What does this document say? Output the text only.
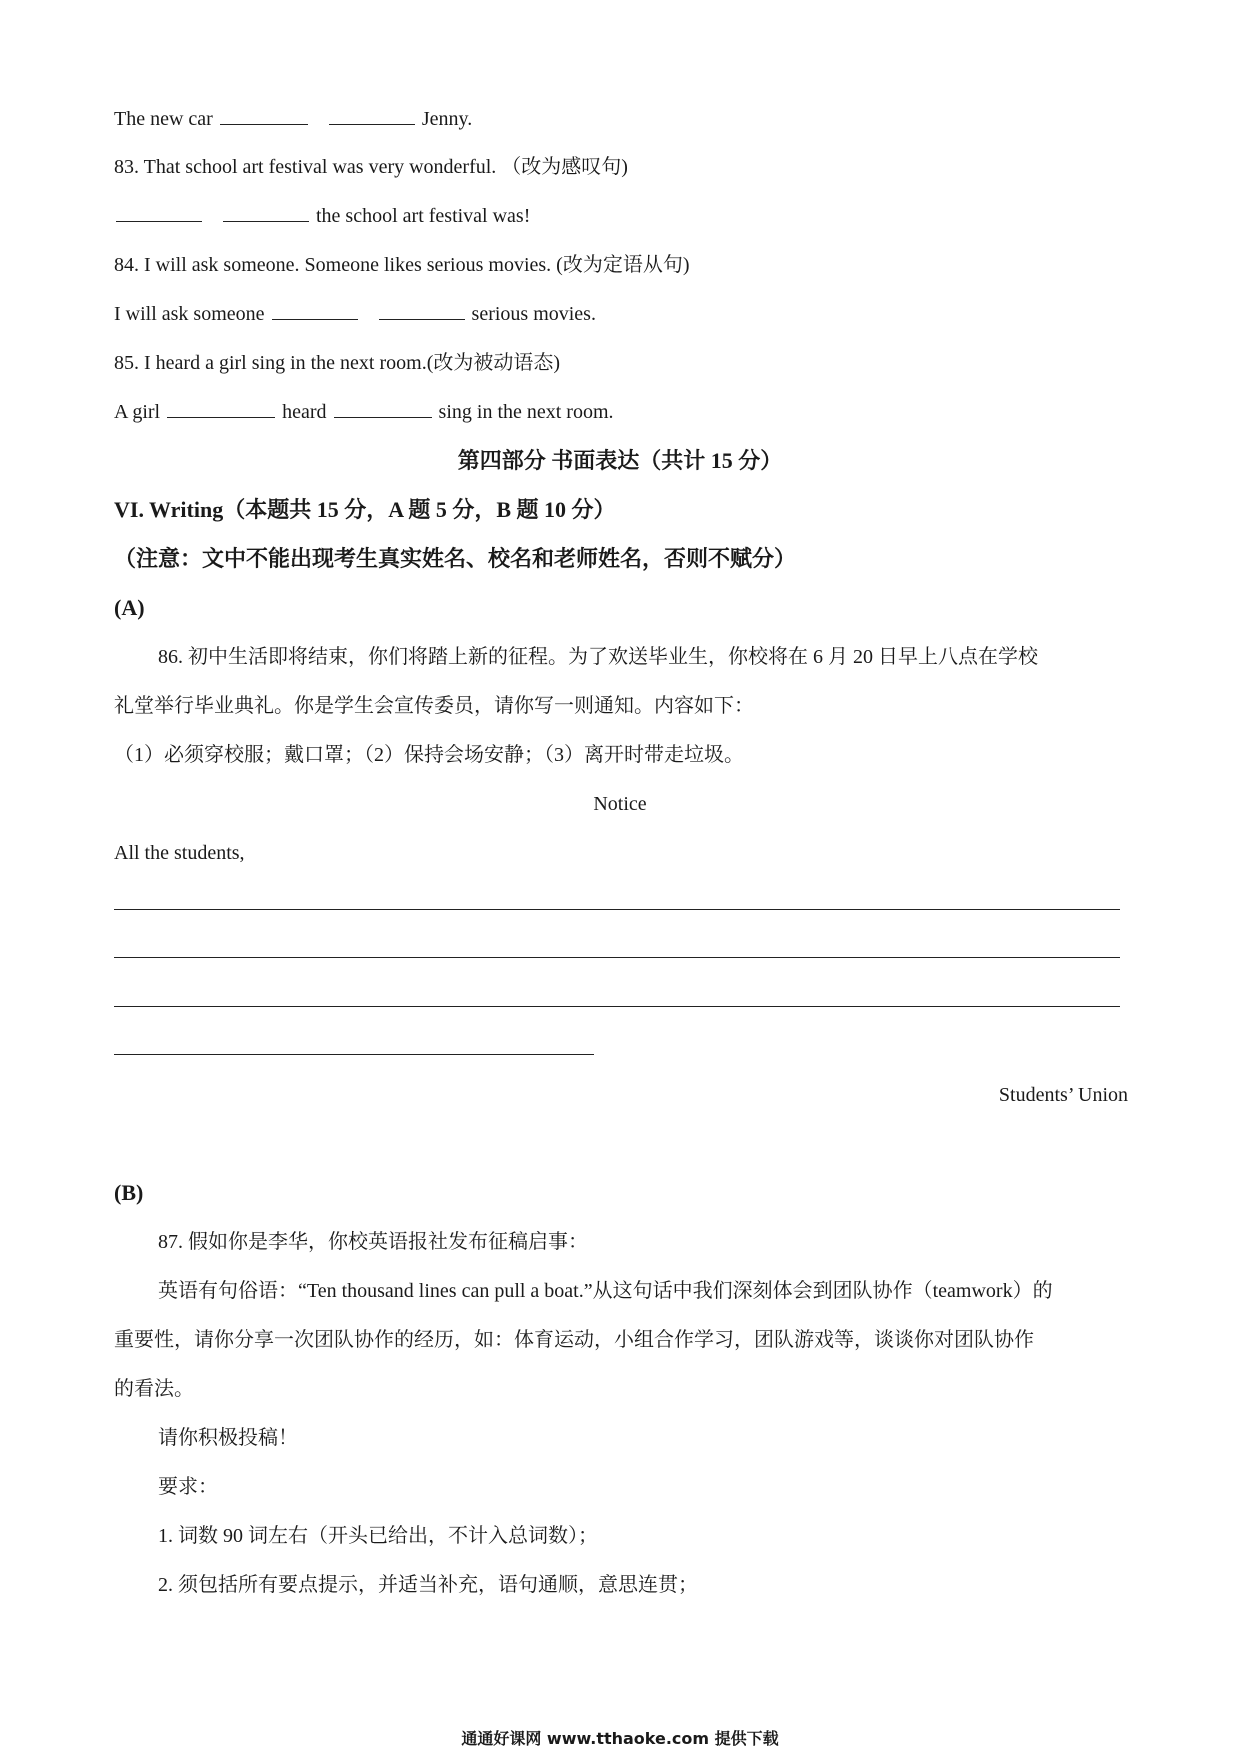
The new car	Jenny.
83. That school art festival was very wonderful. （改为感叹句)
the school art festival was!
84. I will ask someone. Someone likes serious movies. (改为定语从句)
I will ask someone	serious movies.
85. I heard a girl sing in the next room.(改为被动语态)
A girl	heard	sing in the next room.
第四部分 书面表达（共计 15 分）
VI. Writing（本题共 15 分，A 题 5 分，B 题 10 分）
（注意：文中不能出现考生真实姓名、校名和老师姓名，否则不赋分）
(A)
86. 初中生活即将结束，你们将踏上新的征程。为了欢送毕业生，你校将在 6 月 20 日早上八点在学校
礼堂举行毕业典礼。你是学生会宣传委员，请你写一则通知。内容如下：
（1）必须穿校服；戴口罩；（2）保持会场安静；（3）离开时带走垃圾。
Notice
All the students,
Students’ Union
(B)
87. 假如你是李华，你校英语报社发布征稿启事：
英语有句俗语：“Ten thousand lines can pull a boat.”从这句话中我们深刻体会到团队协作（teamwork）的
重要性，请你分享一次团队协作的经历，如：体育运动，小组合作学习，团队游戏等，谈谈你对团队协作
的看法。
请你积极投稿！
要求：
1. 词数 90 词左右（开头已给出，不计入总词数）；
2. 须包括所有要点提示，并适当补充，语句通顺，意思连贯；
通通好课网 www.tthaoke.com 提供下载
